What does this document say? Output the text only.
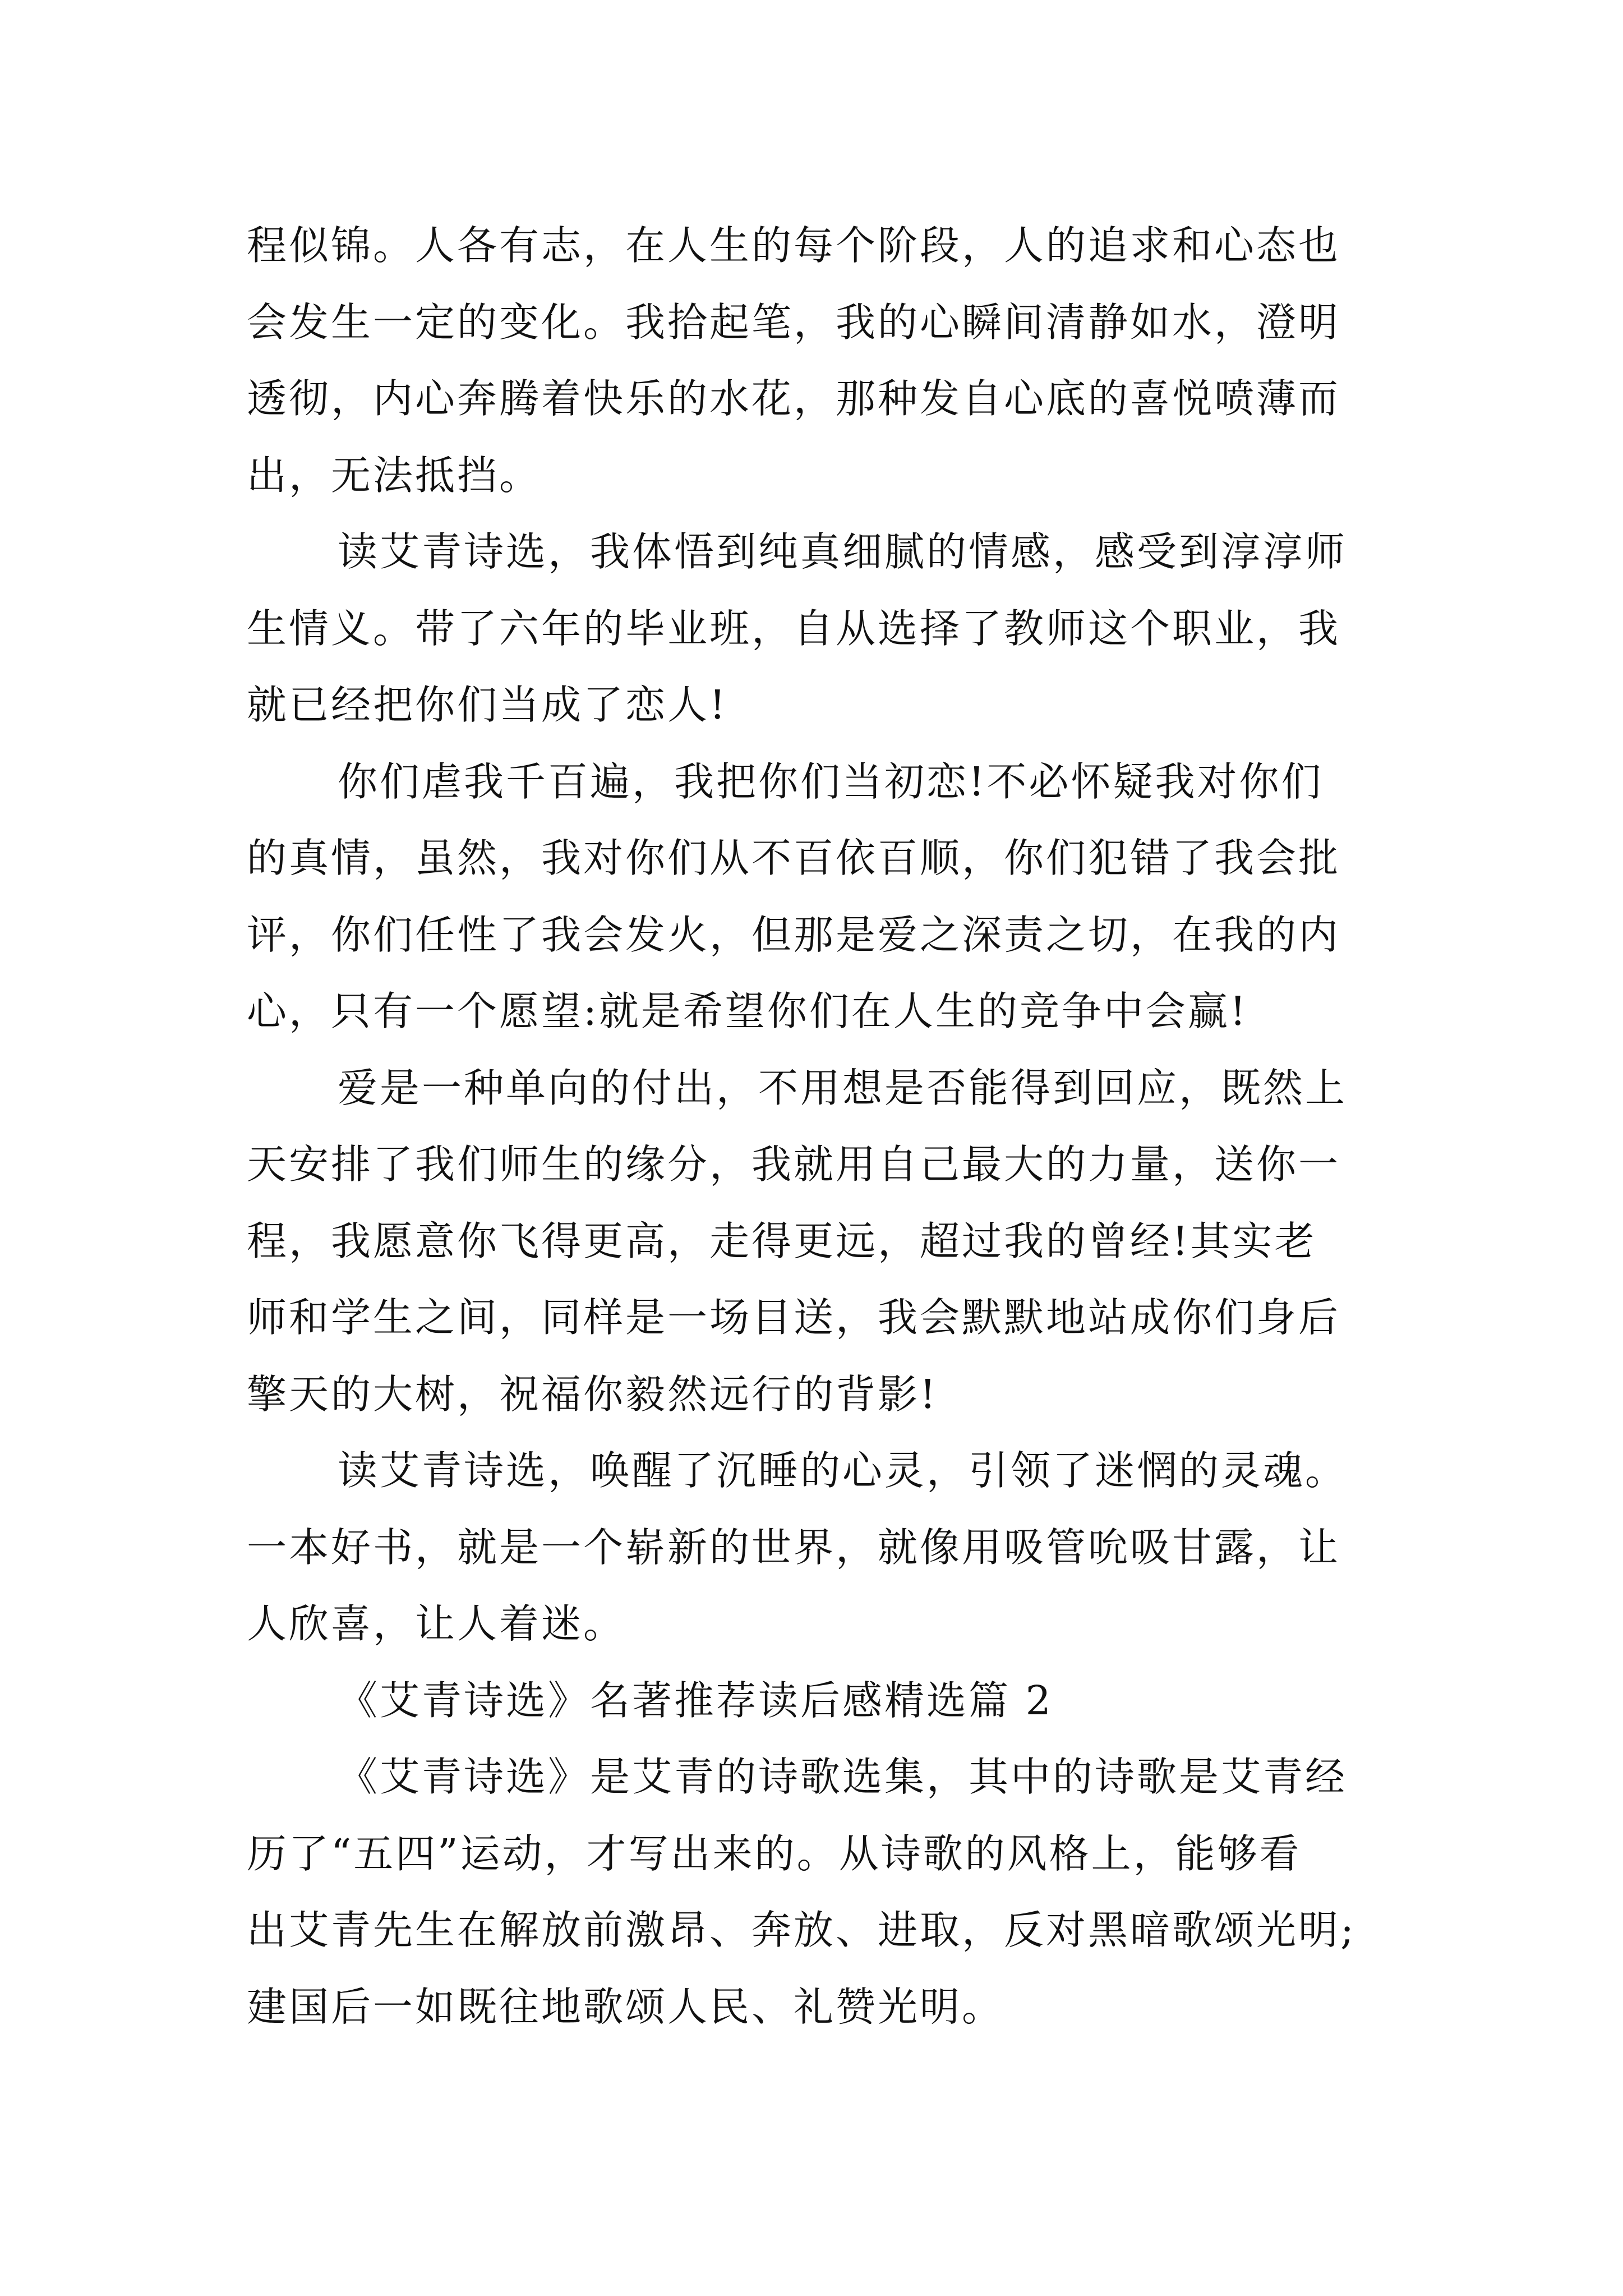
程似锦。人各有志，在人生的每个阶段，人的追求和心态也
会发生一定的变化。我拾起笔，我的心瞬间清静如水，澄明
透彻，内心奔腾着快乐的水花，那种发自心底的喜悦喷薄而
出，无法抵挡。
读艾青诗选，我体悟到纯真细腻的情感，感受到淳淳师
生情义。带了六年的毕业班，自从选择了教师这个职业，我
就已经把你们当成了恋人!
你们虐我千百遍，我把你们当初恋!不必怀疑我对你们
的真情，虽然，我对你们从不百依百顺，你们犯错了我会批
评，你们任性了我会发火，但那是爱之深责之切，在我的内
心，只有一个愿望:就是希望你们在人生的竞争中会赢!
爱是一种单向的付出，不用想是否能得到回应，既然上
天安排了我们师生的缘分，我就用自己最大的力量，送你一
程，我愿意你飞得更高，走得更远，超过我的曾经!其实老
师和学生之间，同样是一场目送，我会默默地站成你们身后
擎天的大树，祝福你毅然远行的背影!
读艾青诗选，唤醒了沉睡的心灵，引领了迷惘的灵魂。
一本好书，就是一个崭新的世界，就像用吸管吮吸甘露，让
人欣喜，让人着迷。
《艾青诗选》名著推荐读后感精选篇 2
《艾青诗选》是艾青的诗歌选集，其中的诗歌是艾青经
历了“五四”运动，才写出来的。从诗歌的风格上，能够看
出艾青先生在解放前激昂、奔放、进取，反对黑暗歌颂光明;
建国后一如既往地歌颂人民、礼赞光明。
